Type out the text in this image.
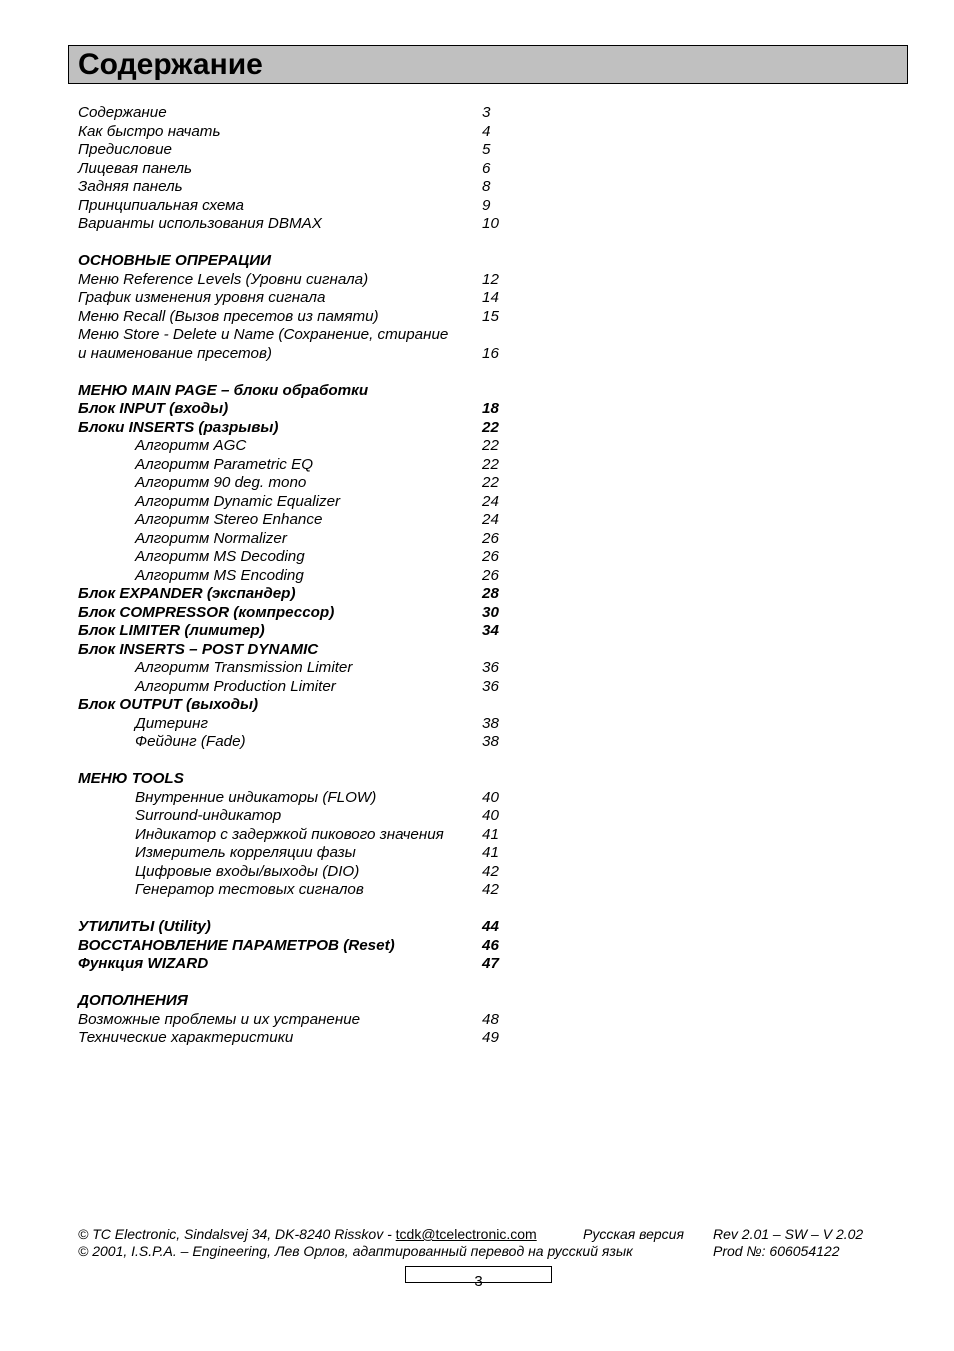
Содержание
Содержание	3
Как быстро начать	4
Предисловие	5
Лицевая панель	6
Задняя панель	8
Принципиальная схема	9
Варианты использования DBMAX	10
ОСНОВНЫЕ ОПРЕРАЦИИ
Меню Reference Levels (Уровни сигнала)	12
График изменения уровня сигнала	14
Меню Recall (Вызов пресетов из памяти)	15
Меню Store - Delete и Name (Сохранение, стирание
и наименование пресетов)	16
МЕНЮ MAIN PAGE – блоки обработки
Блок INPUT (входы)	18
Блоки INSERTS (разрывы)	22
Алгоритм AGC	22
Алгоритм Parametric EQ	22
Алгоритм 90 deg. mono	22
Алгоритм Dynamic Equalizer	24
Алгоритм Stereo Enhance	24
Алгоритм Normalizer	26
Алгоритм MS Decoding	26
Алгоритм MS Encoding	26
Блок EXPANDER (экспандер)	28
Блок COMPRESSOR (компрессор)	30
Блок LIMITER (лимитер)	34
Блок INSERTS – POST DYNAMIC
Алгоритм Transmission Limiter	36
Алгоритм Production Limiter	36
Блок OUTPUT (выходы)
Дитеринг	38
Фейдинг (Fade)	38
МЕНЮ TOOLS
Внутренние индикаторы (FLOW)	40
Surround-индикатор	40
Индикатор с задержкой пикового значения	41
Измеритель корреляции фазы	41
Цифровые входы/выходы (DIO)	42
Генератор тестовых сигналов	42
УТИЛИТЫ (Utility)	44
ВОССТАНОВЛЕНИЕ ПАРАМЕТРОВ (Reset)	46
Функция WIZARD	47
ДОПОЛНЕНИЯ
Возможные проблемы и их устранение	48
Технические характеристики	49
© TC Electronic, Sindalsvej 34, DK-8240 Risskov - tcdk@tcelectronic.com	Русская версия Rev 2.01 – SW – V 2.02
© 2001, I.S.P.A. – Engineering, Лев Орлов, адаптированный перевод на русский язык	Prod №: 606054122
3
